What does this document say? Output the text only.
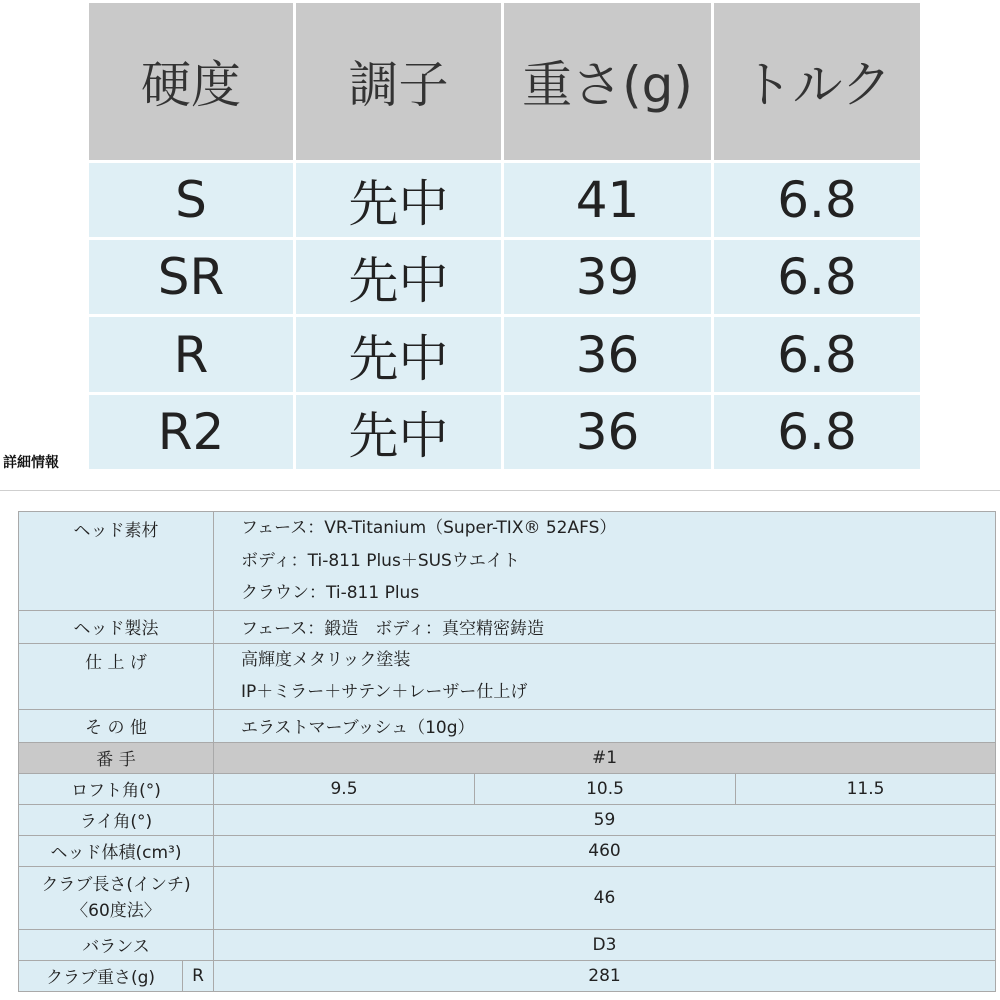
硬度	調子	重さ(g)	トルク
S	先中	41	6.8
SR	先中	39	6.8
R	先中	36	6.8
R2	先中	36	6.8
詳細情報
ヘッド素材		フェース：VR-Titanium（Super-TIX® 52AFS）
ボディ：Ti-811 Plus＋SUSウエイト
クラウン：Ti-811 Plus		

ヘッド製法		フェース：鍛造　ボディ：真空精密鋳造		
仕 上 げ		高輝度メタリック塗装
IP＋ミラー＋サテン＋レーザー仕上げ		

そ の 他		エラストマーブッシュ（10g）		
番 手		#1		
ロフト角(°)		9.5	10.5	11.5
ライ角(°)		59		
ヘッド体積(cm³)		460		

クラブ長さ(インチ)
〈60度法〉		46		
バランス		D3		
クラブ重さ(g)	R	281		
